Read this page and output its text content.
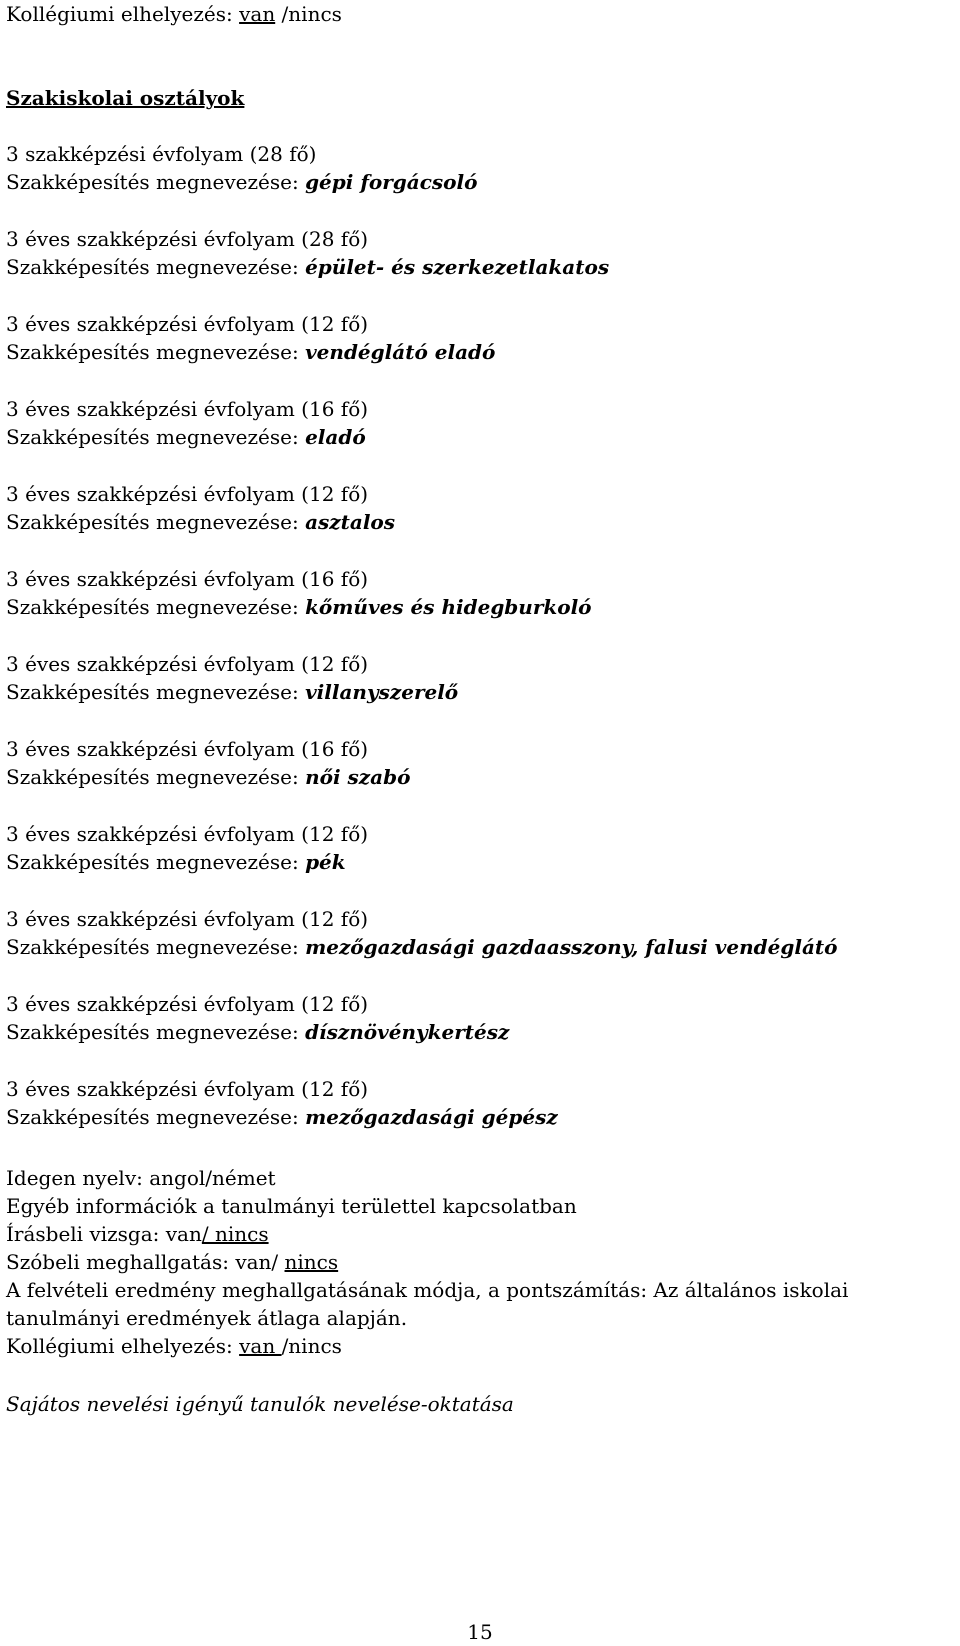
Kollégiumi elhelyezés: van /nincs
Szakiskolai osztályok
3 szakképzési évfolyam (28 fő)
Szakképesítés megnevezése: gépi forgácsoló
3 éves szakképzési évfolyam (28 fő)
Szakképesítés megnevezése: épület- és szerkezetlakatos
3 éves szakképzési évfolyam (12 fő)
Szakképesítés megnevezése: vendéglátó eladó
3 éves szakképzési évfolyam (16 fő)
Szakképesítés megnevezése: eladó
3 éves szakképzési évfolyam (12 fő)
Szakképesítés megnevezése: asztalos
3 éves szakképzési évfolyam (16 fő)
Szakképesítés megnevezése: kőműves és hidegburkoló
3 éves szakképzési évfolyam (12 fő)
Szakképesítés megnevezése: villanyszerelő
3 éves szakképzési évfolyam (16 fő)
Szakképesítés megnevezése: női szabó
3 éves szakképzési évfolyam (12 fő)
Szakképesítés megnevezése: pék
3 éves szakképzési évfolyam (12 fő)
Szakképesítés megnevezése: mezőgazdasági gazdaasszony, falusi vendéglátó
3 éves szakképzési évfolyam (12 fő)
Szakképesítés megnevezése: dísznövénykertész
3 éves szakképzési évfolyam (12 fő)
Szakképesítés megnevezése: mezőgazdasági gépész
Idegen nyelv: angol/német
Egyéb információk a tanulmányi területtel kapcsolatban
Írásbeli vizsga: van/ nincs
Szóbeli meghallgatás: van/ nincs
A felvételi eredmény meghallgatásának módja, a pontszámítás: Az általános iskolai tanulmányi eredmények átlaga alapján.
Kollégiumi elhelyezés: van /nincs
Sajátos nevelési igényű tanulók nevelése-oktatása
15
